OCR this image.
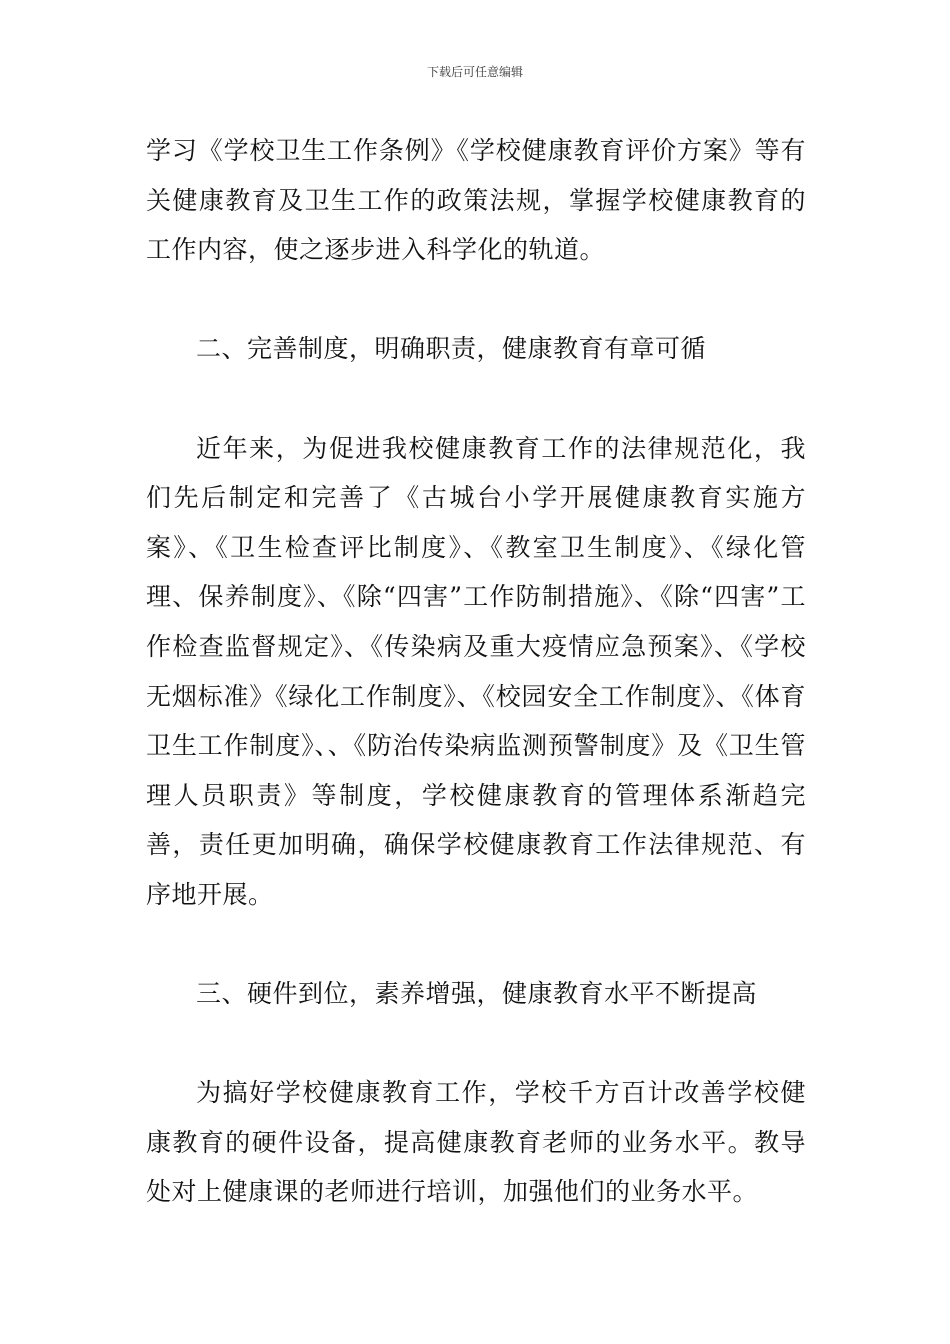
下载后可任意编辑

学习《学校卫生工作条例》《学校健康教育评价方案》等有关健康教育及卫生工作的政策法规，掌握学校健康教育的工作内容，使之逐步进入科学化的轨道。

二、完善制度，明确职责，健康教育有章可循

近年来，为促进我校健康教育工作的法律规范化，我们先后制定和完善了《古城台小学开展健康教育实施方案》、《卫生检查评比制度》、《教室卫生制度》、《绿化管理、保养制度》、《除“四害”工作防制措施》、《除“四害”工作检查监督规定》、《传染病及重大疫情应急预案》、《学校无烟标准》《绿化工作制度》、《校园安全工作制度》、《体育卫生工作制度》、、《防治传染病监测预警制度》及《卫生管理人员职责》等制度，学校健康教育的管理体系渐趋完善，责任更加明确，确保学校健康教育工作法律规范、有序地开展。

三、硬件到位，素养增强，健康教育水平不断提高

为搞好学校健康教育工作，学校千方百计改善学校健康教育的硬件设备，提高健康教育老师的业务水平。教导处对上健康课的老师进行培训，加强他们的业务水平。
